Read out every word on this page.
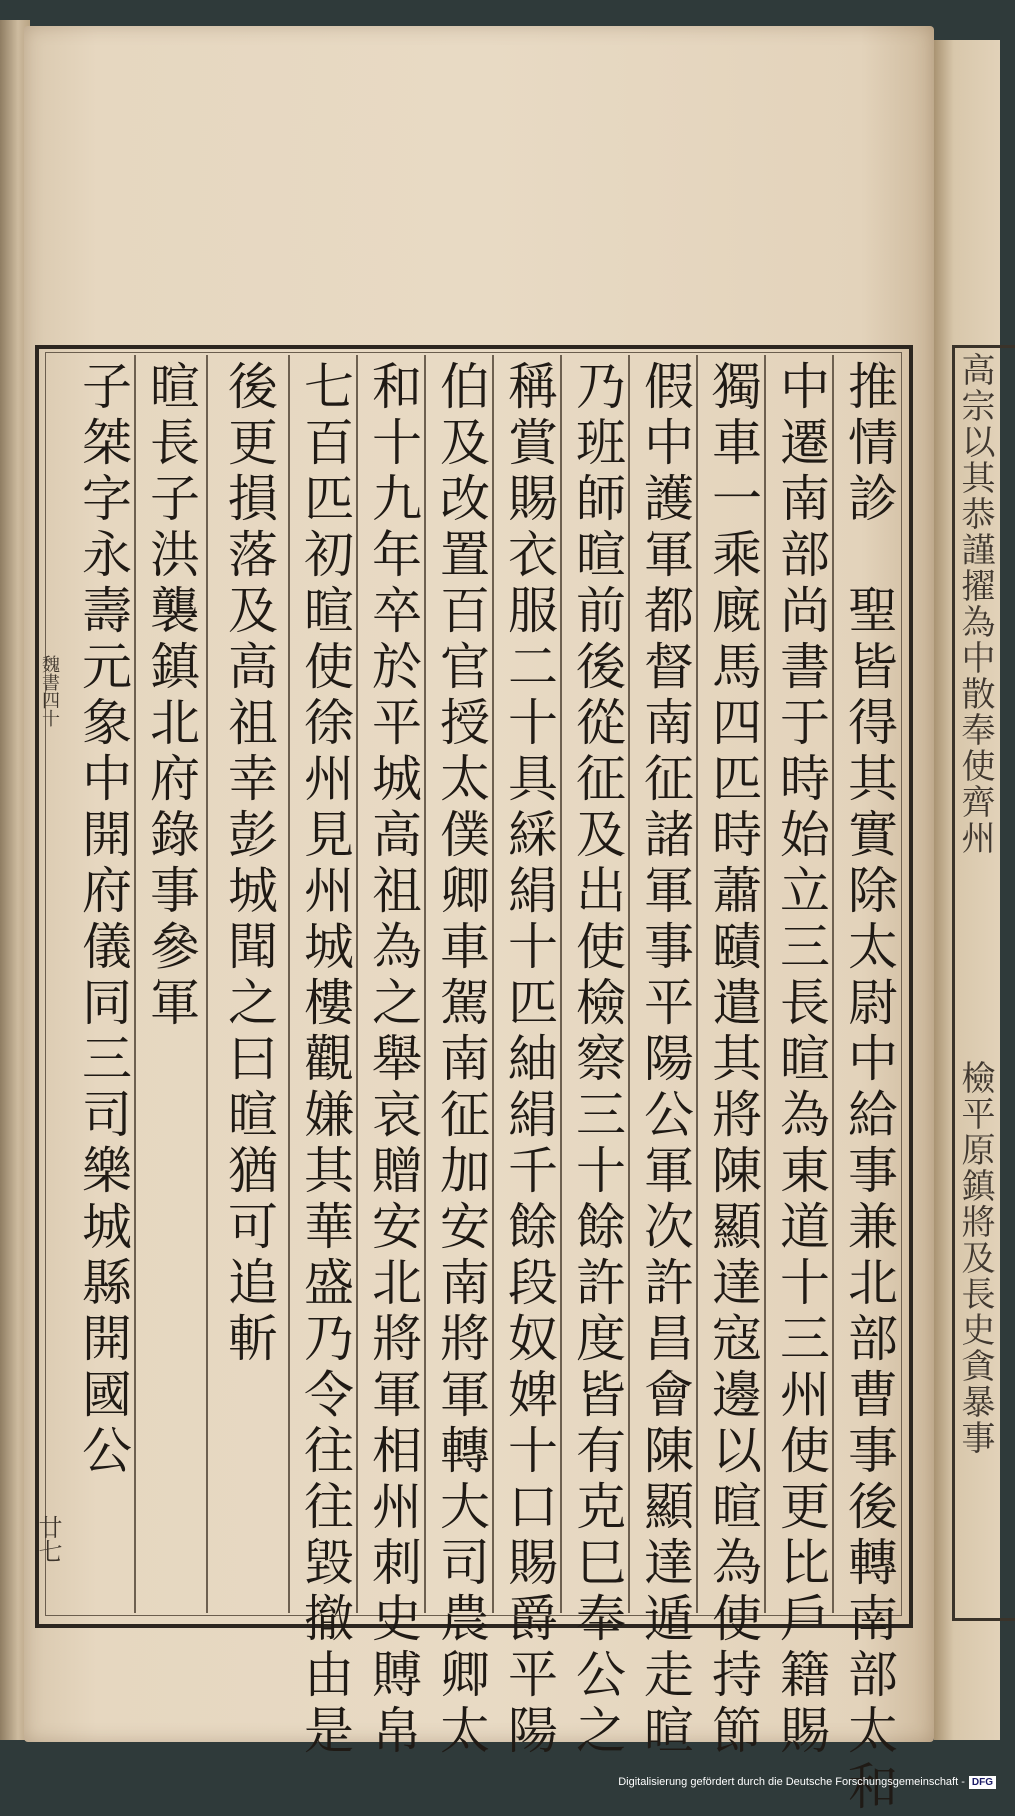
高宗以其恭謹擢為中散奉使齊州
檢平原鎮將及長史貪暴事
魏書四十
廿七	推情診　聖皆得其實除太尉中給事兼北部曹事後轉南部太和
中遷南部尚書于時始立三長暄為東道十三州使更比戶籍賜
獨車一乘廐馬四匹時蕭賾遣其將陳顯達寇邊以暄為使持節
假中護軍都督南征諸軍事平陽公軍次許昌會陳顯達遁走暄
乃班師暄前後從征及出使檢察三十餘許度皆有克巳奉公之
稱賞賜衣服二十具綵絹十匹紬絹千餘段奴婢十口賜爵平陽
伯及改置百官授太僕卿車駕南征加安南將軍轉大司農卿太
和十九年卒於平城高祖為之舉哀贈安北將軍相州刺史賻帛
七百匹初暄使徐州見州城樓觀嫌其華盛乃令往往毀撤由是
後更損落及高祖幸彭城聞之曰暄猶可追斬
暄長子洪襲鎮北府錄事參軍
子桀字永壽元象中開府儀同三司樂城縣開國公
Digitalisierung gefördert durch die Deutsche Forschungsgemeinschaft - DFG
